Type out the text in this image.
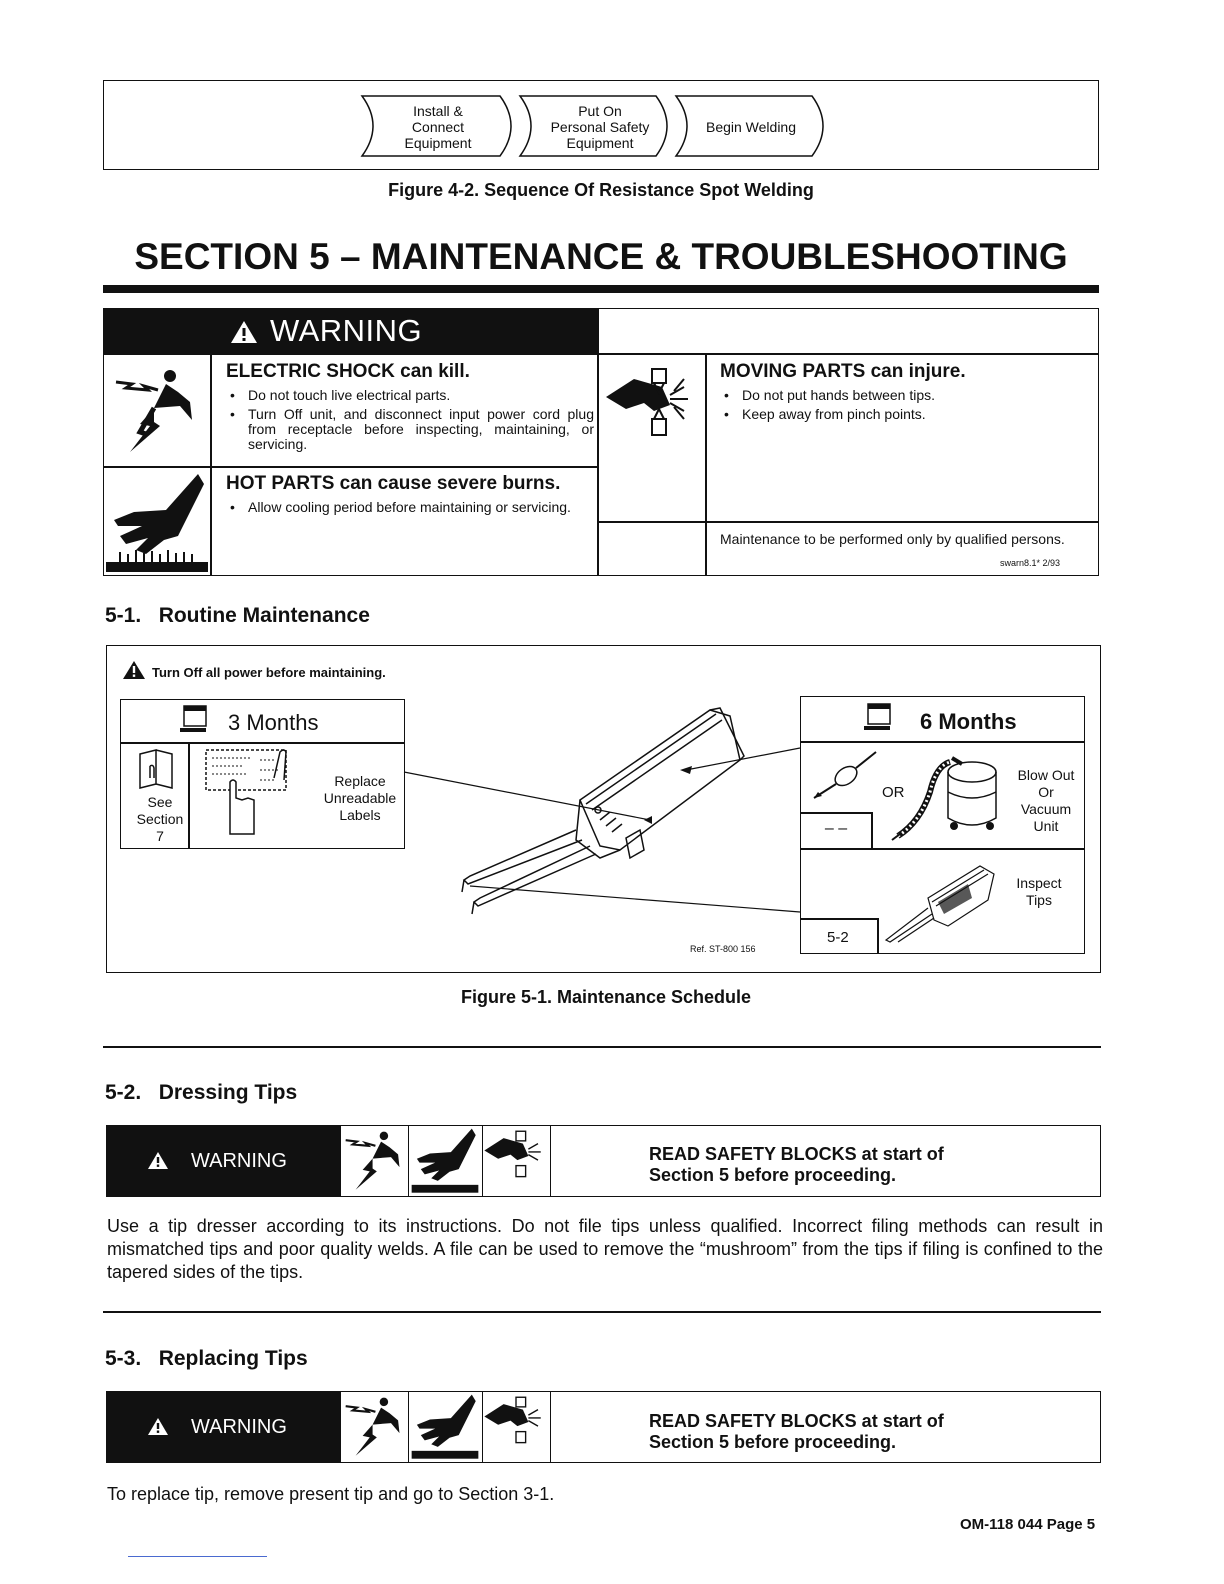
Install &
Connect
Equipment
Put On
Personal Safety
Equipment
Begin Welding
Figure 4-2. Sequence Of Resistance Spot Welding
SECTION 5 – MAINTENANCE & TROUBLESHOOTING
WARNING
ELECTRIC SHOCK can kill.
• Do not touch live electrical parts.
• Turn Off unit, and disconnect input power cord plug from receptacle before inspecting, maintaining, or servicing.
HOT PARTS can cause severe burns.
• Allow cooling period before maintaining or servicing.
MOVING PARTS can injure.
• Do not put hands between tips.
• Keep away from pinch points.
Maintenance to be performed only by qualified persons.
swarn8.1* 2/93
5-1.   Routine Maintenance
Turn Off all power before maintaining.
3 Months
See
Section
7
Replace
Unreadable
Labels
Ref. ST-800 156
6 Months
OR
Blow Out
Or
Vacuum
Unit
– –
Inspect
Tips
5-2
Figure 5-1. Maintenance Schedule
5-2.   Dressing Tips
WARNING	READ SAFETY BLOCKS at start of
Section 5 before proceeding.
Use a tip dresser according to its instructions. Do not file tips unless qualified. Incorrect filing methods can result in mismatched tips and poor quality welds. A file can be used to remove the “mushroom” from the tips if filing is confined to the tapered sides of the tips.
5-3.   Replacing Tips
WARNING	READ SAFETY BLOCKS at start of
Section 5 before proceeding.
To replace tip, remove present tip and go to Section 3-1.
OM-118 044 Page 5
